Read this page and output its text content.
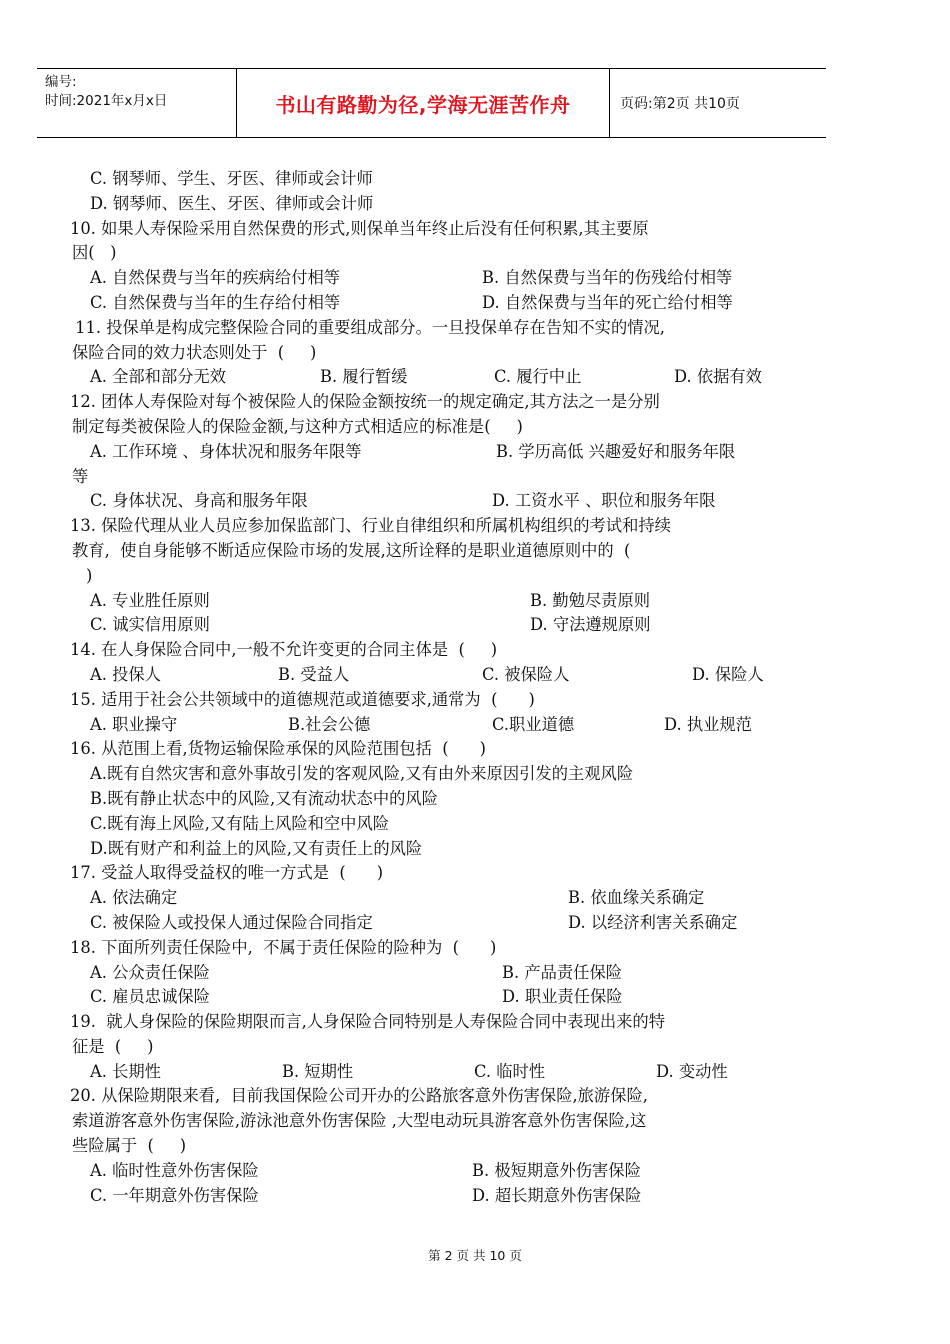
编号:
时间:2021年x月x日	书山有路勤为径,学海无涯苦作舟	页码:第2页 共10页
C. 钢琴师、学生、牙医、律师或会计师
D. 钢琴师、医生、牙医、律师或会计师
10. 如果人寿保险采用自然保费的形式,则保单当年终止后没有任何积累,其主要原
因(   )
A. 自然保费与当年的疾病给付相等	B. 自然保费与当年的伤残给付相等
C. 自然保费与当年的生存给付相等	D. 自然保费与当年的死亡给付相等
11. 投保单是构成完整保险合同的重要组成部分。一旦投保单存在告知不实的情况,
保险合同的效力状态则处于  (     )
A. 全部和部分无效	B. 履行暂缓	C. 履行中止	D. 依据有效
12. 团体人寿保险对每个被保险人的保险金额按统一的规定确定,其方法之一是分别
制定每类被保险人的保险金额,与这种方式相适应的标准是(     )
A. 工作环境 、身体状况和服务年限等	B. 学历高低 兴趣爱好和服务年限
等
C. 身体状况、身高和服务年限	D. 工资水平 、职位和服务年限
13. 保险代理从业人员应参加保监部门、行业自律组织和所属机构组织的考试和持续
教育,  使自身能够不断适应保险市场的发展,这所诠释的是职业道德原则中的  (
)
A. 专业胜任原则	B. 勤勉尽责原则
C. 诚实信用原则	D. 守法遵规原则
14. 在人身保险合同中,一般不允许变更的合同主体是  (     )
A. 投保人	B. 受益人	C. 被保险人	D. 保险人
15. 适用于社会公共领域中的道德规范或道德要求,通常为  (      )
A. 职业操守	B.社会公德	C.职业道德	D. 执业规范
16. 从范围上看,货物运输保险承保的风险范围包括  (      )
A.既有自然灾害和意外事故引发的客观风险,又有由外来原因引发的主观风险
B.既有静止状态中的风险,又有流动状态中的风险
C.既有海上风险,又有陆上风险和空中风险
D.既有财产和利益上的风险,又有责任上的风险
17. 受益人取得受益权的唯一方式是  (      )
A. 依法确定	B. 依血缘关系确定
C. 被保险人或投保人通过保险合同指定	D. 以经济利害关系确定
18. 下面所列责任保险中,  不属于责任保险的险种为  (      )
A. 公众责任保险	B. 产品责任保险
C. 雇员忠诚保险	D. 职业责任保险
19.  就人身保险的保险期限而言,人身保险合同特别是人寿保险合同中表现出来的特
征是  (     )
A. 长期性	B. 短期性	C. 临时性	D. 变动性
20. 从保险期限来看,  目前我国保险公司开办的公路旅客意外伤害保险,旅游保险,
索道游客意外伤害保险,游泳池意外伤害保险 ,大型电动玩具游客意外伤害保险,这
些险属于  (     )
A. 临时性意外伤害保险	B. 极短期意外伤害保险
C. 一年期意外伤害保险	D. 超长期意外伤害保险
第 2 页 共 10 页
